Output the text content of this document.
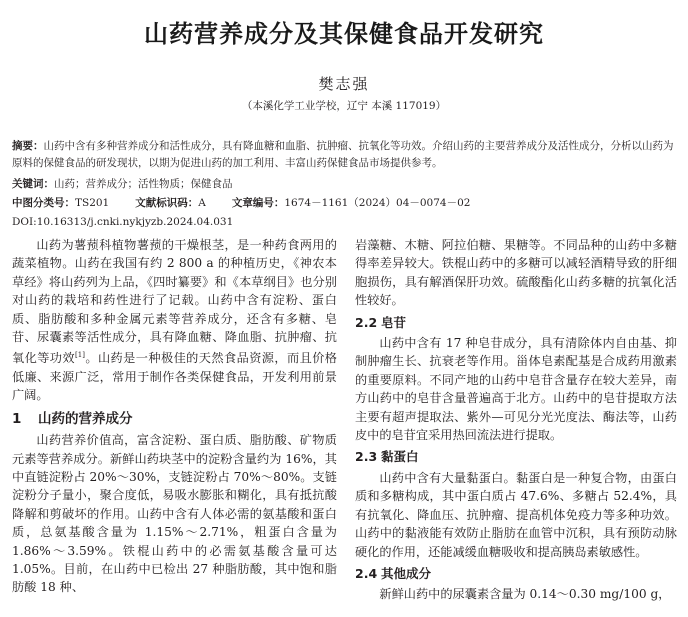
山药营养成分及其保健食品开发研究
樊志强
（本溪化学工业学校，辽宁 本溪 117019）
摘要：山药中含有多种营养成分和活性成分，具有降血糖和血脂、抗肿瘤、抗氧化等功效。介绍山药的主要营养成分及活性成分，分析以山药为原料的保健食品的研发现状，以期为促进山药的加工利用、丰富山药保健食品市场提供参考。
关键词：山药；营养成分；活性物质；保健食品
中图分类号：TS201 文献标识码：A 文章编号：1674－1161（2024）04－0074－02
DOI:10.16313/j.cnki.nykjyzb.2024.04.031

山药为薯蓣科植物薯蓣的干燥根茎，是一种药食两用的蔬菜植物。山药在我国有约 2 800 a 的种植历史，《神农本草经》将山药列为上品，《四时纂要》和《本草纲目》也分别对山药的栽培和药性进行了记载。山药中含有淀粉、蛋白质、脂肪酸和多种金属元素等营养成分，还含有多糖、皂苷、尿囊素等活性成分，具有降血糖、降血脂、抗肿瘤、抗氧化等功效[1]。山药是一种极佳的天然食品资源，而且价格低廉、来源广泛，常用于制作各类保健食品，开发利用前景广阔。

1 山药的营养成分

山药营养价值高，富含淀粉、蛋白质、脂肪酸、矿物质元素等营养成分。新鲜山药块茎中的淀粉含量约为 16%，其中直链淀粉占 20%～30%，支链淀粉占 70%～80%。支链淀粉分子量小，聚合度低，易吸水膨胀和糊化，具有抵抗酸降解和剪破坏的作用。山药中含有人体必需的氨基酸和蛋白质，总氨基酸含量为 1.15%～2.71%，粗蛋白含量为 1.86%～3.59%。铁棍山药中的必需氨基酸含量可达 1.05%。目前，在山药中已检出 27 种脂肪酸，其中饱和脂肪酸 18 种、

岩藻糖、木糖、阿拉伯糖、果糖等。不同品种的山药中多糖得率差异较大。铁棍山药中的多糖可以减轻酒精导致的肝细胞损伤，具有解酒保肝功效。硫酸酯化山药多糖的抗氧化活性较好。

2.2 皂苷

山药中含有 17 种皂苷成分，具有清除体内自由基、抑制肿瘤生长、抗衰老等作用。甾体皂素配基是合成药用激素的重要原料。不同产地的山药中皂苷含量存在较大差异，南方山药中的皂苷含量普遍高于北方。山药中的皂苷提取方法主要有超声提取法、紫外—可见分光光度法、酶法等，山药皮中的皂苷宜采用热回流法进行提取。

2.3 黏蛋白

山药中含有大量黏蛋白。黏蛋白是一种复合物，由蛋白质和多糖构成，其中蛋白质占 47.6%、多糖占 52.4%，具有抗氧化、降血压、抗肿瘤、提高机体免疫力等多种功效。山药中的黏液能有效防止脂肪在血管中沉积，具有预防动脉硬化的作用，还能减缓血糖吸收和提高胰岛素敏感性。

2.4 其他成分

新鲜山药中的尿囊素含量为 0.14～0.30 mg/100 g，
